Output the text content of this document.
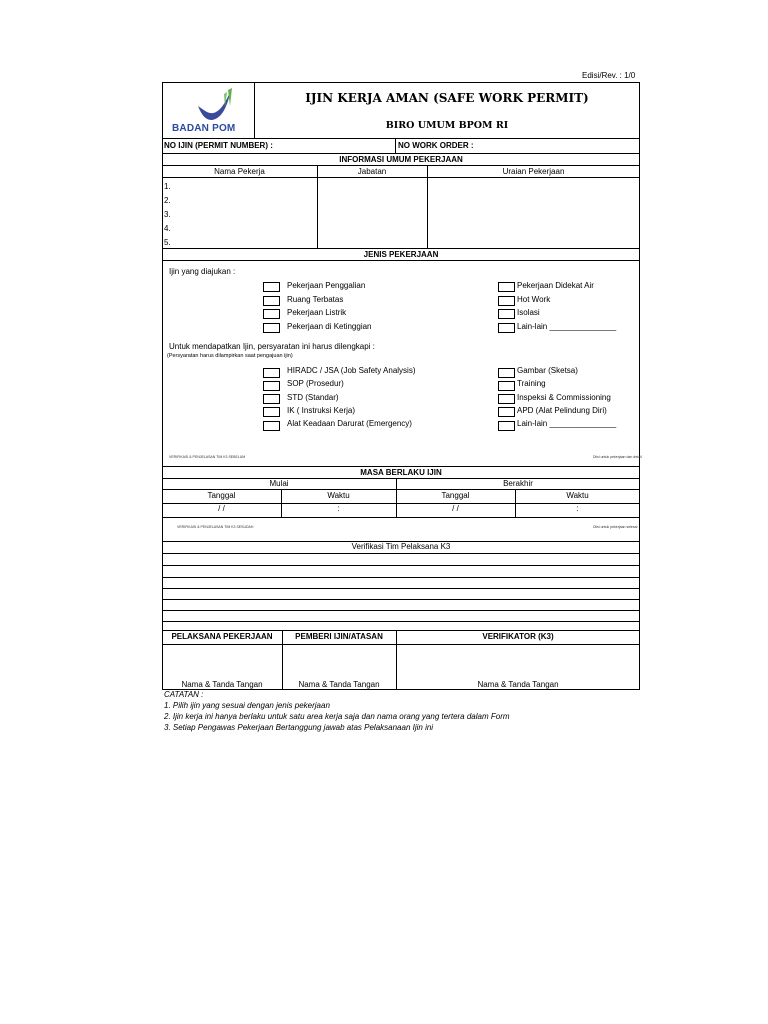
Edisi/Rev. : 1/0
BADAN POM
IJIN KERJA AMAN (SAFE WORK PERMIT)
BIRO UMUM BPOM RI
NO IJIN (PERMIT NUMBER) :	NO WORK ORDER :
INFORMASI UMUM PEKERJAAN
Nama Pekerja	Jabatan	Uraian Pekerjaan
1.
2.
3.
4.
5.
JENIS PEKERJAAN
Ijin yang diajukan :
Pekerjaan Penggalian
Ruang Terbatas
Pekerjaan Listrik
Pekerjaan di Ketinggian
Pekerjaan Didekat Air
Hot Work
Isolasi
Lain-lain _______________
Untuk mendapatkan Ijin, persyaratan ini harus dilengkapi :
(Persyaratan harus dilampirkan saat pengajuan ijin)
HIRADC / JSA (Job Safety Analysis)
SOP (Prosedur)
STD (Standar)
IK ( Instruksi Kerja)
Alat Keadaan Darurat (Emergency)
Gambar (Sketsa)
Training
Inspeksi & Commissioning
APD (Alat Pelindung Diri)
Lain-lain _______________
VERIFIKASI & PENJELASAN TIM K3 SEBELUM	Diisi untuk pekerjaan dan detail
MASA BERLAKU IJIN
Mulai	Berakhir
Tanggal	Waktu	Tanggal	Waktu
/ /	:	/ /	:
VERIFIKASI & PENJELASAN TIM K3 SESUDAH	Diisi untuk pekerjaan selesai
Verifikasi Tim Pelaksana K3
PELAKSANA PEKERJAAN	PEMBERI IJIN/ATASAN	VERIFIKATOR (K3)
Nama & Tanda Tangan	Nama & Tanda Tangan	Nama & Tanda Tangan
CATATAN :
1. Pilih ijin yang sesuai dengan jenis pekerjaan
2. Ijin kerja ini hanya berlaku untuk satu area kerja saja dan nama orang yang tertera dalam Form
3. Setiap Pengawas Pekerjaan Bertanggung jawab atas Pelaksanaan Ijin ini
